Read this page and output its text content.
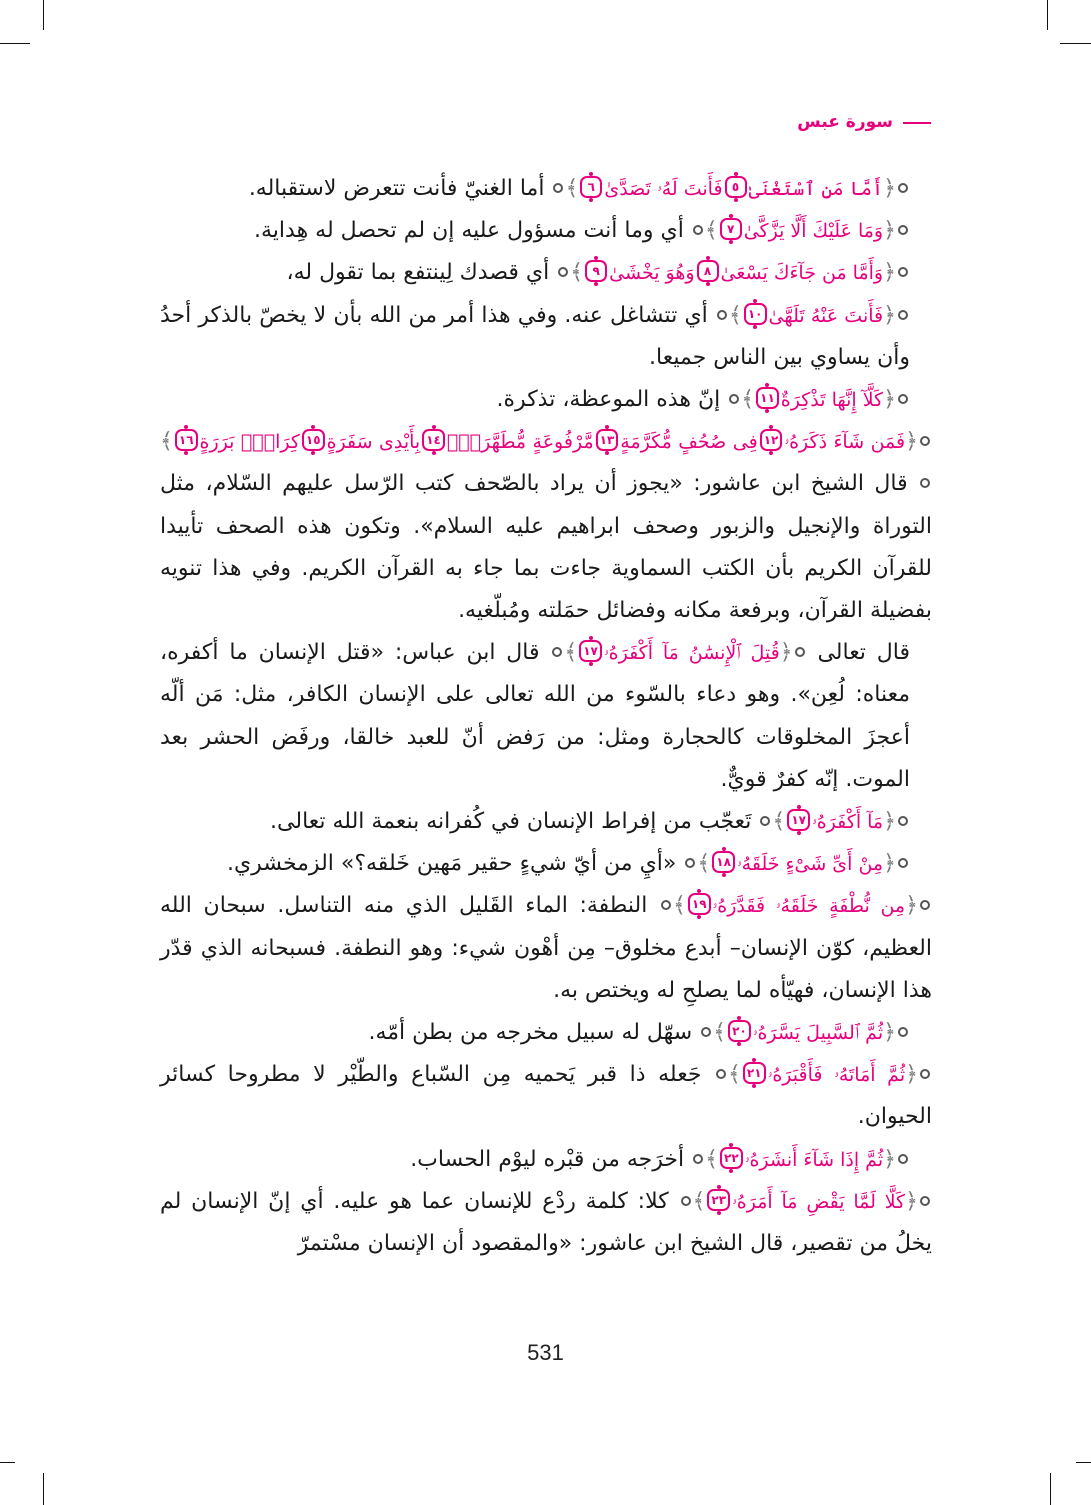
سورة عبس

﴿أَمَّا مَنِ ٱسْتَغْنَىٰ٥فَأَنتَ لَهُۥ تَصَدَّىٰ٦﴾ أما الغنيّ فأنت تتعرض لاستقباله.

﴿وَمَا عَلَيْكَ أَلَّا يَزَّكَّىٰ٧﴾ أي وما أنت مسؤول عليه إن لم تحصل له هِداية.

﴿وَأَمَّا مَن جَآءَكَ يَسْعَىٰ٨وَهُوَ يَخْشَىٰ٩﴾ أي قصدك لِينتفع بما تقول له،

﴿فَأَنتَ عَنْهُ تَلَهَّىٰ١٠﴾ أي تتشاغل عنه. وفي هذا أمر من الله بأن لا يخصّ بالذكر أحدُ وأن يساوي بين الناس جميعا.

﴿كَلَّآ إِنَّهَا تَذْكِرَةٌ١١﴾ إنّ هذه الموعظة، تذكرة.

﴿فَمَن شَآءَ ذَكَرَهُۥ١٢فِى صُحُفٍ مُّكَرَّمَةٍ١٣مَّرْفُوعَةٍ مُّطَهَّرَةٍۭ١٤بِأَيْدِى سَفَرَةٍ١٥كِرَامٍۭ بَرَرَةٍ١٦﴾ قال الشيخ ابن عاشور: «يجوز أن يراد بالصّحف كتب الرّسل عليهم السّلام، مثل التوراة والإنجيل والزبور وصحف ابراهيم عليه السلام». وتكون هذه الصحف تأييدا للقرآن الكريم بأن الكتب السماوية جاءت بما جاء به القرآن الكريم. وفي هذا تنويه بفضيلة القرآن، وبرفعة مكانه وفضائل حمَلته ومُبلّغيه.

قال تعالى ﴿قُتِلَ ٱلْإِنسَٰنُ مَآ أَكْفَرَهُۥ١٧﴾ قال ابن عباس: «قتل الإنسان ما أكفره، معناه: لُعِن». وهو دعاء بالسّوء من الله تعالى على الإنسان الكافر، مثل: مَن ألّه أعجزَ المخلوقات كالحجارة ومثل: من رَفض أنّ للعبد خالقا، ورفَض الحشر بعد الموت. إنّه كفرٌ قويٌّ.

﴿مَآ أَكْفَرَهُۥ١٧﴾ تَعجّب من إفراط الإنسان في كُفرانه بنعمة الله تعالى.

﴿مِنْ أَىِّ شَىْءٍ خَلَقَهُۥ١٨﴾ «أيِ من أيّ شيءٍ حقير مَهين خَلقه؟» الزمخشري.

﴿مِن نُّطْفَةٍ خَلَقَهُۥ فَقَدَّرَهُۥ١٩﴾ النطفة: الماء القَليل الذي منه التناسل. سبحان الله العظيم، كوّن الإنسان– أبدع مخلوق– مِن أهْون شيء: وهو النطفة. فسبحانه الذي قدّر هذا الإنسان، فهيّأه لما يصلحِ له ويختص به.

﴿ثُمَّ ٱلسَّبِيلَ يَسَّرَهُۥ٢٠﴾ سهّل له سبيل مخرجه من بطن أمّه.

﴿ثُمَّ أَمَاتَهُۥ فَأَقْبَرَهُۥ٢١﴾ جَعله ذا قبر يَحميه مِن السّباع والطّيْر لا مطروحا كسائر الحيوان.

﴿ثُمَّ إِذَا شَآءَ أَنشَرَهُۥ٢٢﴾ أخرَجه من قبْره ليوْم الحساب.

﴿كَلَّا لَمَّا يَقْضِ مَآ أَمَرَهُۥ٢٣﴾ كلا: كلمة ردْع للإنسان عما هو عليه. أي إنّ الإنسان لم يخلُ من تقصير، قال الشيخ ابن عاشور: «والمقصود أن الإنسان مسْتمرّ

531
